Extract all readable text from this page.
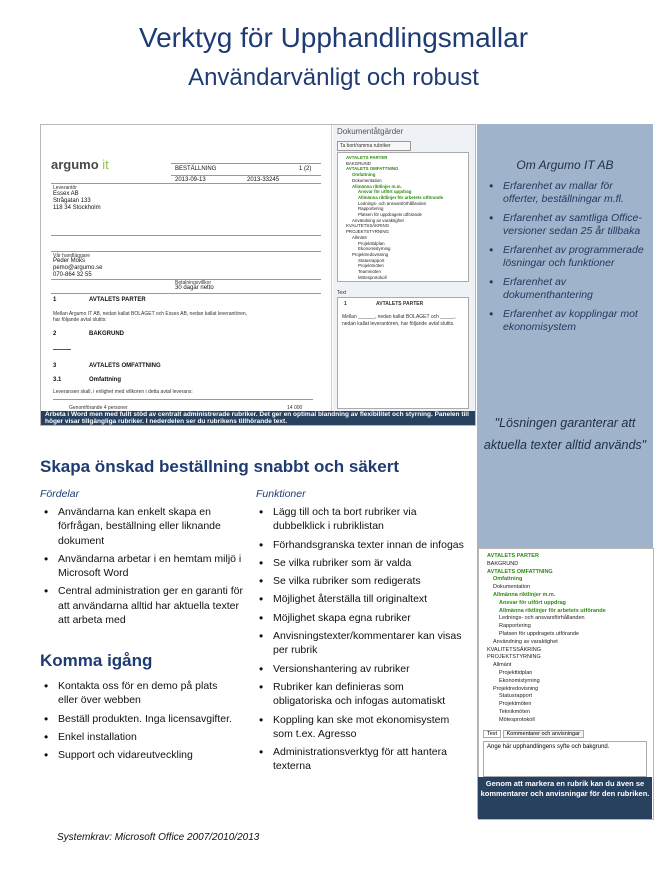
Verktyg för Upphandlingsmallar
Användarvänligt och robust
argumo it	BESTÄLLNING	1 (2)
2013-09-13	2013-33245
Leverantör
Essex AB
Strågatan 133
118 34 Stockholm
Vår handläggare
Peder Moks
pemo@argumo.se
070-864 32 55
Betalningsvillkor
30 dagar netto
1	AVTALETS PARTER
Mellan Argumo IT AB, nedan kallat BOLAGET och Essex AB, nedan kallat leverantören, har följande avtal slutits:
2	BAKGRUND
3	AVTALETS OMFATTNING
3.1	Omfattning
Leveransen skall, i enlighet med villkoren i detta avtal leverans:
Genomförande 4 personer	14 000
Dokumentåtgärder
Ta bort/ramma rubriker
AVTALETS PARTER
BAKGRUND
AVTALETS OMFATTNING
Omfattning
Dokumentation
Allmänna riktlinjer m.m.
Ansvar för utfört uppdrag
Allmänna riktlinjer för arbetets utförande
Lednings- och ansvarsförhållanden
Rapportering
Platsen för uppdragets utförande
Användning av varaktighet
KVALITETSSÄKRING
PROJEKTSTYRNING
Allmänt
Projekttidplan
Ekonomistyrning
Projektredovisning
Statusrapport
Projektmöten
Teammöten
Mötesprotokoll
Text
1	AVTALETS PARTER
Mellan ______, nedan kallat BOLAGET och _____, nedan kallat leverantören, har följande avtal slutits.
Arbeta i Word men med fullt stöd av centralt administrerade rubriker. Det ger en optimal blandning av flexibilitet och styrning. Panelen till höger visar tillgängliga rubriker. I nederdelen ser du rubrikens tillhörande text.
Om Argumo IT AB
• Erfarenhet av mallar för offerter, beställningar m.fl.
• Erfarenhet av samtliga Office-versioner sedan 25 år tillbaka
• Erfarenhet av programmerade lösningar och funktioner
• Erfarenhet av dokumenthantering
• Erfarenhet av kopplingar mot ekonomisystem
"Lösningen garanterar att aktuella texter alltid används"
AVTALETS PARTER
BAKGRUND
AVTALETS OMFATTNING
Omfattning
Dokumentation
Allmänna riktlinjer m.m.
Ansvar för utfört uppdrag
Allmänna riktlinjer för arbetets utförande
Lednings- och ansvarsförhållanden
Rapportering
Platsen för uppdragets utförande
Användning av varaktighet
KVALITETSSÄKRING
PROJEKTSTYRNING
Allmänt
Projekttidplan
Ekonomistyrning
Projektredovisning
Statusrapport
Projektmöten
Teknikmöten
Mötesprotokoll
Text Kommentarer och anvisningar
Ange här upphandlingens syfte och bakgrund.
Genom att markera en rubrik kan du även se kommentarer och anvisningar för den rubriken.
Skapa önskad beställning snabbt och säkert
Fördelar
• Användarna kan enkelt skapa en förfrågan, beställning eller liknande dokument
• Användarna arbetar i en hemtam miljö i Microsoft Word
• Central administration ger en garanti för att användarna alltid har aktuella texter att arbeta med
Komma igång
• Kontakta oss för en demo på plats eller över webben
• Beställ produkten. Inga licensavgifter.
• Enkel installation
• Support och vidareutveckling
Funktioner
• Lägg till och ta bort rubriker via dubbelklick i rubriklistan
• Förhandsgranska texter innan de infogas
• Se vilka rubriker som är valda
• Se vilka rubriker som redigerats
• Möjlighet återställa till originaltext
• Möjlighet skapa egna rubriker
• Anvisningstexter/kommentarer kan visas per rubrik
• Versionshantering av rubriker
• Rubriker kan definieras som obligatoriska och infogas automatiskt
• Koppling kan ske mot ekonomisystem som t.ex. Agresso
• Administrationsverktyg för att hantera texterna
Systemkrav: Microsoft Office 2007/2010/2013
